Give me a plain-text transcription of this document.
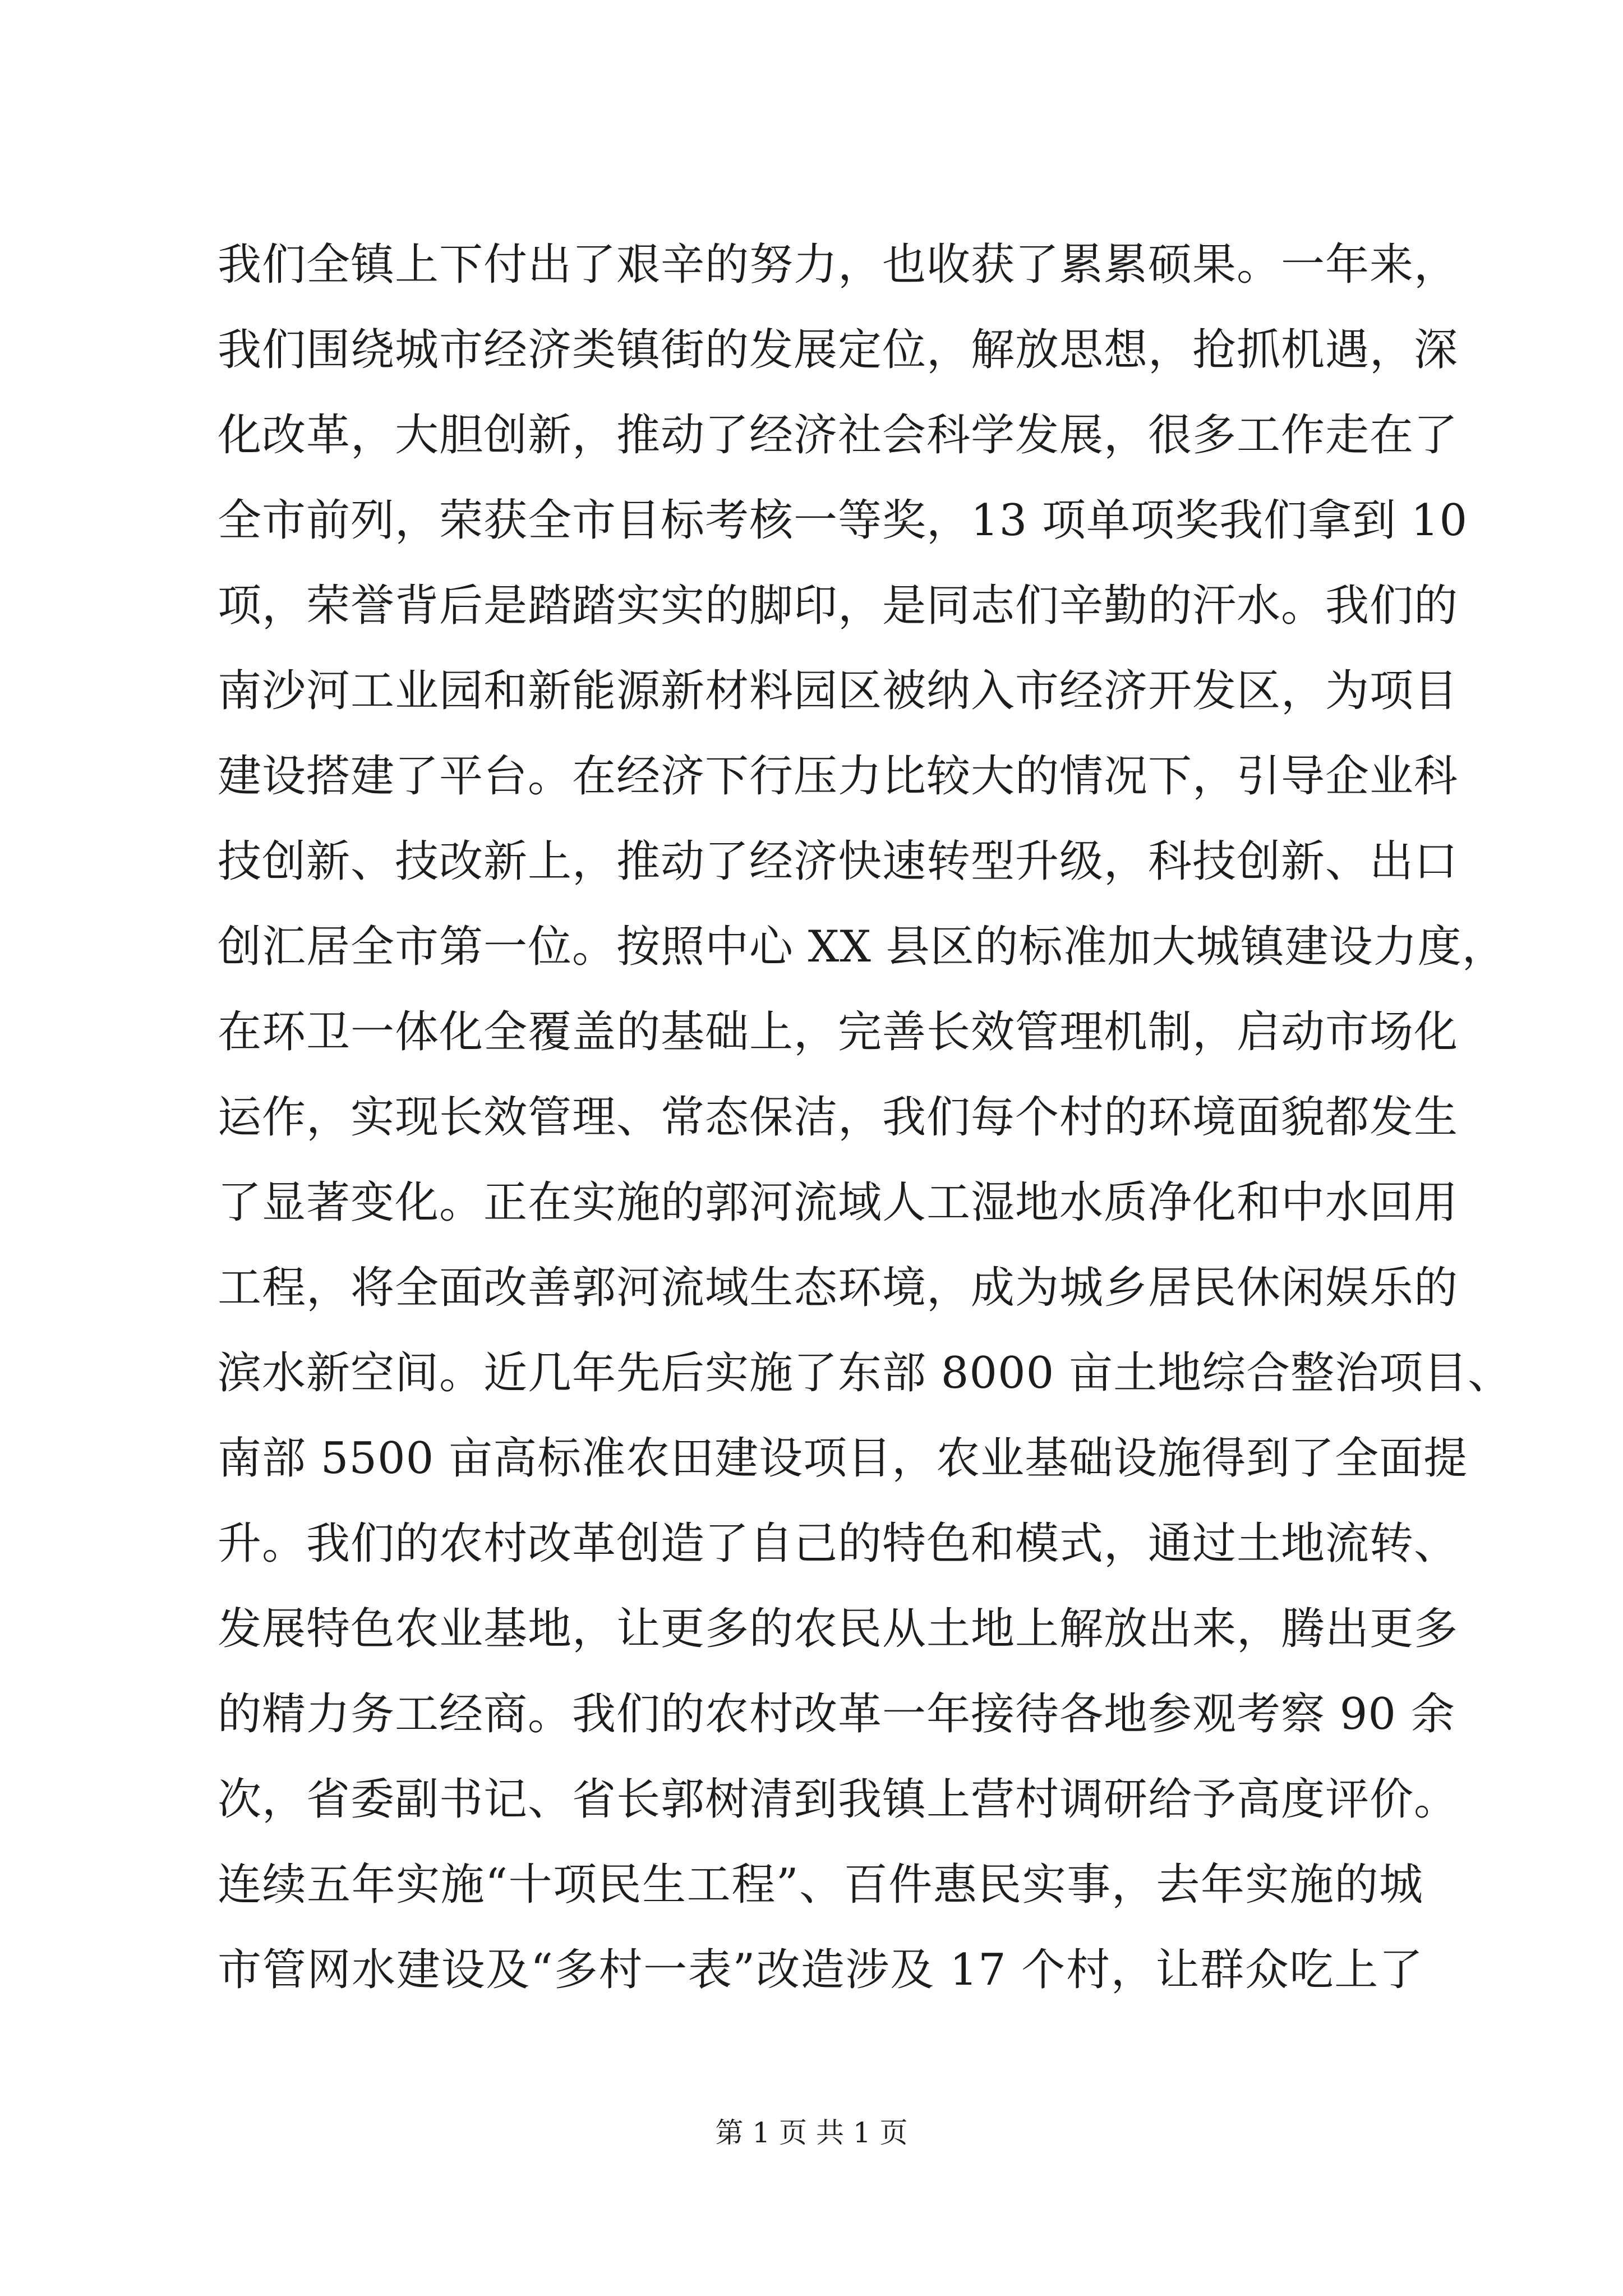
我们全镇上下付出了艰辛的努力，也收获了累累硕果。一年来，
我们围绕城市经济类镇街的发展定位，解放思想，抢抓机遇，深
化改革，大胆创新，推动了经济社会科学发展，很多工作走在了
全市前列，荣获全市目标考核一等奖，13 项单项奖我们拿到 10
项，荣誉背后是踏踏实实的脚印，是同志们辛勤的汗水。我们的
南沙河工业园和新能源新材料园区被纳入市经济开发区，为项目
建设搭建了平台。在经济下行压力比较大的情况下，引导企业科
技创新、技改新上，推动了经济快速转型升级，科技创新、出口
创汇居全市第一位。按照中心 XX 县区的标准加大城镇建设力度，
在环卫一体化全覆盖的基础上，完善长效管理机制，启动市场化
运作，实现长效管理、常态保洁，我们每个村的环境面貌都发生
了显著变化。正在实施的郭河流域人工湿地水质净化和中水回用
工程，将全面改善郭河流域生态环境，成为城乡居民休闲娱乐的
滨水新空间。近几年先后实施了东部 8000 亩土地综合整治项目、
南部 5500 亩高标准农田建设项目，农业基础设施得到了全面提
升。我们的农村改革创造了自己的特色和模式，通过土地流转、
发展特色农业基地，让更多的农民从土地上解放出来，腾出更多
的精力务工经商。我们的农村改革一年接待各地参观考察 90 余
次，省委副书记、省长郭树清到我镇上营村调研给予高度评价。
连续五年实施“十项民生工程”、百件惠民实事，去年实施的城
市管网水建设及“多村一表”改造涉及 17 个村，让群众吃上了
第 1 页 共 1 页
